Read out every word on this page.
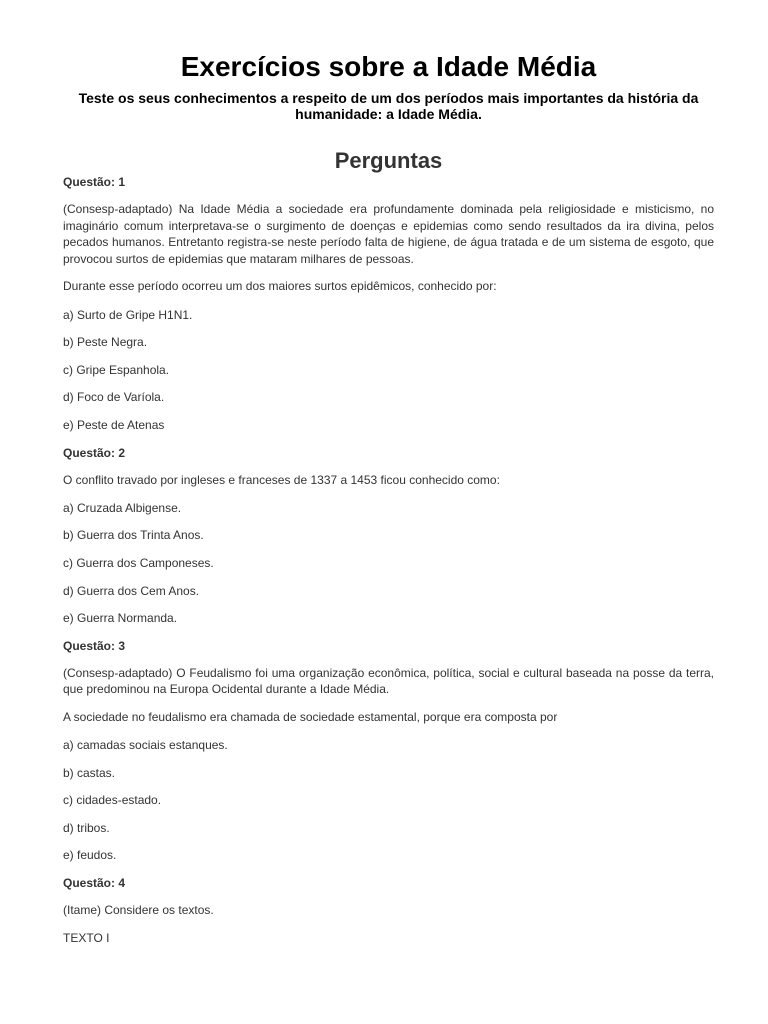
Exercícios sobre a Idade Média

Teste os seus conhecimentos a respeito de um dos períodos mais importantes da história da humanidade: a Idade Média.

Perguntas

Questão: 1

(Consesp-adaptado) Na Idade Média a sociedade era profundamente dominada pela religiosidade e misticismo, no imaginário comum interpretava-se o surgimento de doenças e epidemias como sendo resultados da ira divina, pelos pecados humanos. Entretanto registra-se neste período falta de higiene, de água tratada e de um sistema de esgoto, que provocou surtos de epidemias que mataram milhares de pessoas.

Durante esse período ocorreu um dos maiores surtos epidêmicos, conhecido por:

a) Surto de Gripe H1N1.

b) Peste Negra.

c) Gripe Espanhola.

d) Foco de Varíola.

e) Peste de Atenas

Questão: 2

O conflito travado por ingleses e franceses de 1337 a 1453 ficou conhecido como:

a) Cruzada Albigense.

b) Guerra dos Trinta Anos.

c) Guerra dos Camponeses.

d) Guerra dos Cem Anos.

e) Guerra Normanda.

Questão: 3

(Consesp-adaptado) O Feudalismo foi uma organização econômica, política, social e cultural baseada na posse da terra, que predominou na Europa Ocidental durante a Idade Média.

A sociedade no feudalismo era chamada de sociedade estamental, porque era composta por

a) camadas sociais estanques.

b) castas.

c) cidades-estado.

d) tribos.

e) feudos.

Questão: 4

(Itame) Considere os textos.

TEXTO I
